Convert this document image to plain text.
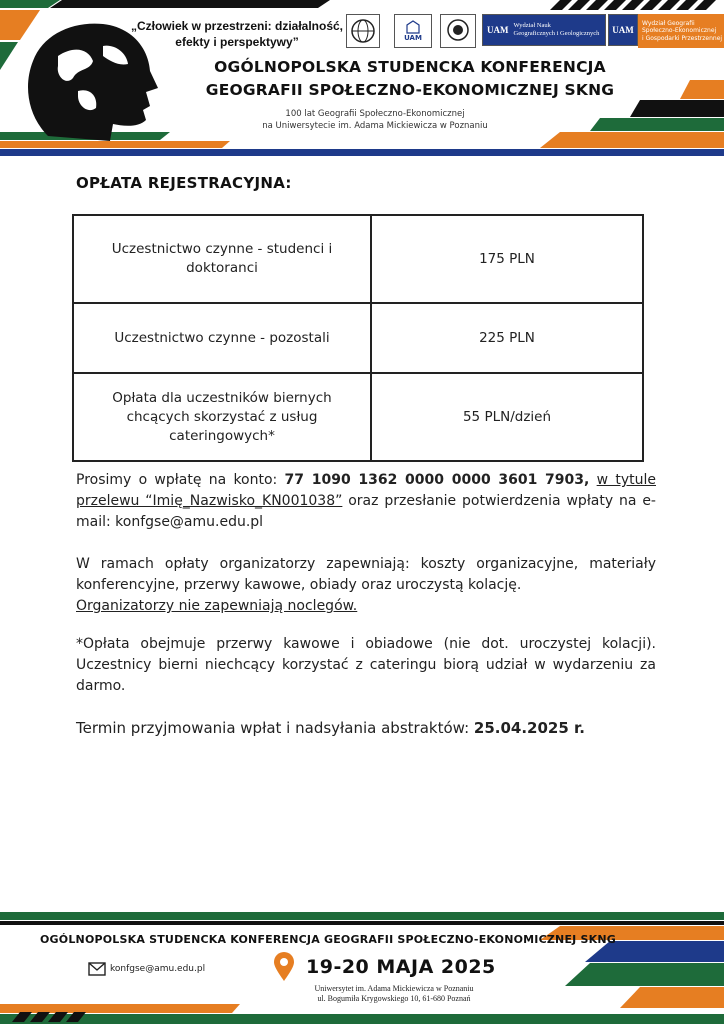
„Człowiek w przestrzeni: działalność,
efekty i perspektywy”	UAM
UAM Wydział Nauk
Geograficznych i Geologicznych UAM
Wydział Geografii
Społeczno-Ekonomicznej
i Gospodarki Przestrzennej
OGÓLNOPOLSKA STUDENCKA KONFERENCJA
GEOGRAFII SPOŁECZNO-EKONOMICZNEJ SKNG
100 lat Geografii Społeczno-Ekonomicznej
na Uniwersytecie im. Adama Mickiewicza w Poznaniu
OPŁATA REJESTRACYJNA:
Uczestnictwo czynne - studenci i doktoranci	175 PLN
Uczestnictwo czynne - pozostali	225 PLN
Opłata dla uczestników biernych chcących skorzystać z usług cateringowych*	55 PLN/dzień
Prosimy o wpłatę na konto: 77 1090 1362 0000 0000 3601 7903, w tytule przelewu “Imię_Nazwisko_KN001038” oraz przesłanie potwierdzenia wpłaty na e-mail: konfgse@amu.edu.pl
W ramach opłaty organizatorzy zapewniają: koszty organizacyjne, materiały konferencyjne, przerwy kawowe, obiady oraz uroczystą kolację.
Organizatorzy nie zapewniają noclegów.
*Opłata obejmuje przerwy kawowe i obiadowe (nie dot. uroczystej kolacji). Uczestnicy bierni niechcący korzystać z cateringu biorą udział w wydarzeniu za darmo.
Termin przyjmowania wpłat i nadsyłania abstraktów: 25.04.2025 r.
OGÓLNOPOLSKA STUDENCKA KONFERENCJA GEOGRAFII SPOŁECZNO-EKONOMICZNEJ SKNG
konfgse@amu.edu.pl	19-20 MAJA 2025
Uniwersytet im. Adama Mickiewicza w Poznaniu
ul. Bogumiła Krygowskiego 10, 61-680 Poznań
